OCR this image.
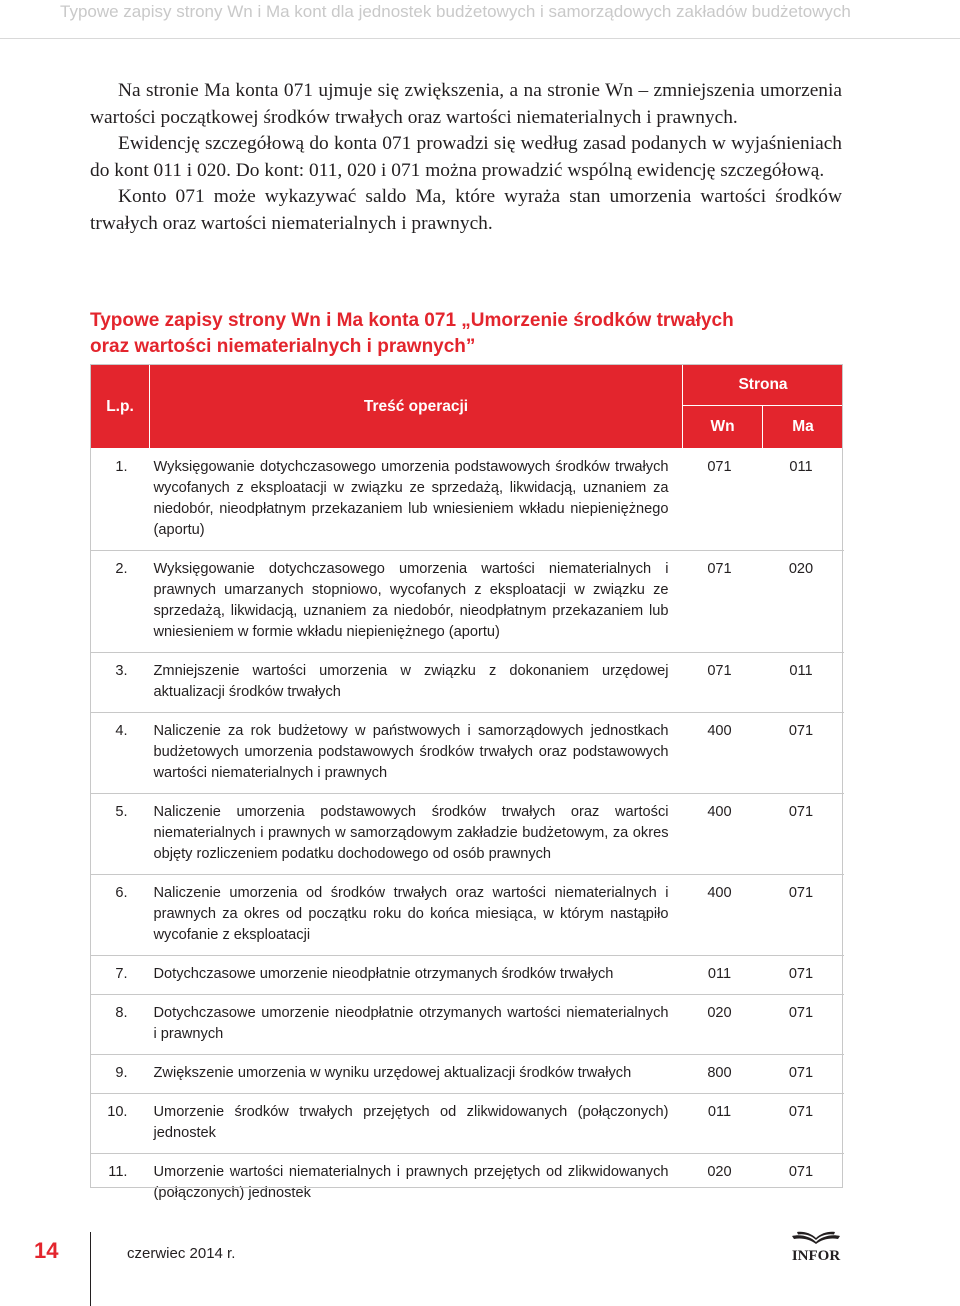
Typowe zapisy strony Wn i Ma kont dla jednostek budżetowych i samorządowych zakładów budżetowych

Na stronie Ma konta 071 ujmuje się zwiększenia, a na stronie Wn – zmniejszenia umorzenia wartości początkowej środków trwałych oraz wartości niematerialnych i prawnych.

Ewidencję szczegółową do konta 071 prowadzi się według zasad podanych w wyjaśnieniach do kont 011 i 020. Do kont: 011, 020 i 071 można prowadzić wspólną ewidencję szczegółową.

Konto 071 może wykazywać saldo Ma, które wyraża stan umorzenia wartości środków trwałych oraz wartości niematerialnych i prawnych.

Typowe zapisy strony Wn i Ma konta 071 „Umorzenie środków trwałych
oraz wartości niematerialnych i prawnych”
L.p.	Treść operacji	Strona	
		Wn	Ma
1.	Wyksięgowanie dotychczasowego umorzenia podstawowych środków trwałych wycofanych z eksploatacji w związku ze sprzedażą, likwidacją, uznaniem za niedobór, nieodpłatnym przekazaniem lub wniesieniem wkładu niepieniężnego (aportu)	071	011
2.	Wyksięgowanie dotychczasowego umorzenia wartości niematerialnych i prawnych umarzanych stopniowo, wycofanych z eksploatacji w związku ze sprzedażą, likwidacją, uznaniem za niedobór, nieodpłatnym przekazaniem lub wniesieniem w formie wkładu niepieniężnego (aportu)	071	020
3.	Zmniejszenie wartości umorzenia w związku z dokonaniem urzędowej aktualizacji środków trwałych	071	011
4.	Naliczenie za rok budżetowy w państwowych i samorządowych jednostkach budżetowych umorzenia podstawowych środków trwałych oraz podstawowych wartości niematerialnych i prawnych	400	071
5.	Naliczenie umorzenia podstawowych środków trwałych oraz wartości niematerialnych i prawnych w samorządowym zakładzie budżetowym, za okres objęty rozliczeniem podatku dochodowego od osób prawnych	400	071
6.	Naliczenie umorzenia od środków trwałych oraz wartości niematerialnych i prawnych za okres od początku roku do końca miesiąca, w którym nastąpiło wycofanie z eksploatacji	400	071
7.	Dotychczasowe umorzenie nieodpłatnie otrzymanych środków trwałych	011	071
8.	Dotychczasowe umorzenie nieodpłatnie otrzymanych wartości niematerialnych i prawnych	020	071
9.	Zwiększenie umorzenia w wyniku urzędowej aktualizacji środków trwałych	800	071
10.	Umorzenie środków trwałych przejętych od zlikwidowanych (połączonych) jednostek	011	071
11.	Umorzenie wartości niematerialnych i prawnych przejętych od zlikwidowanych (połączonych) jednostek	020	071
14	czerwiec 2014 r.	INFOR
